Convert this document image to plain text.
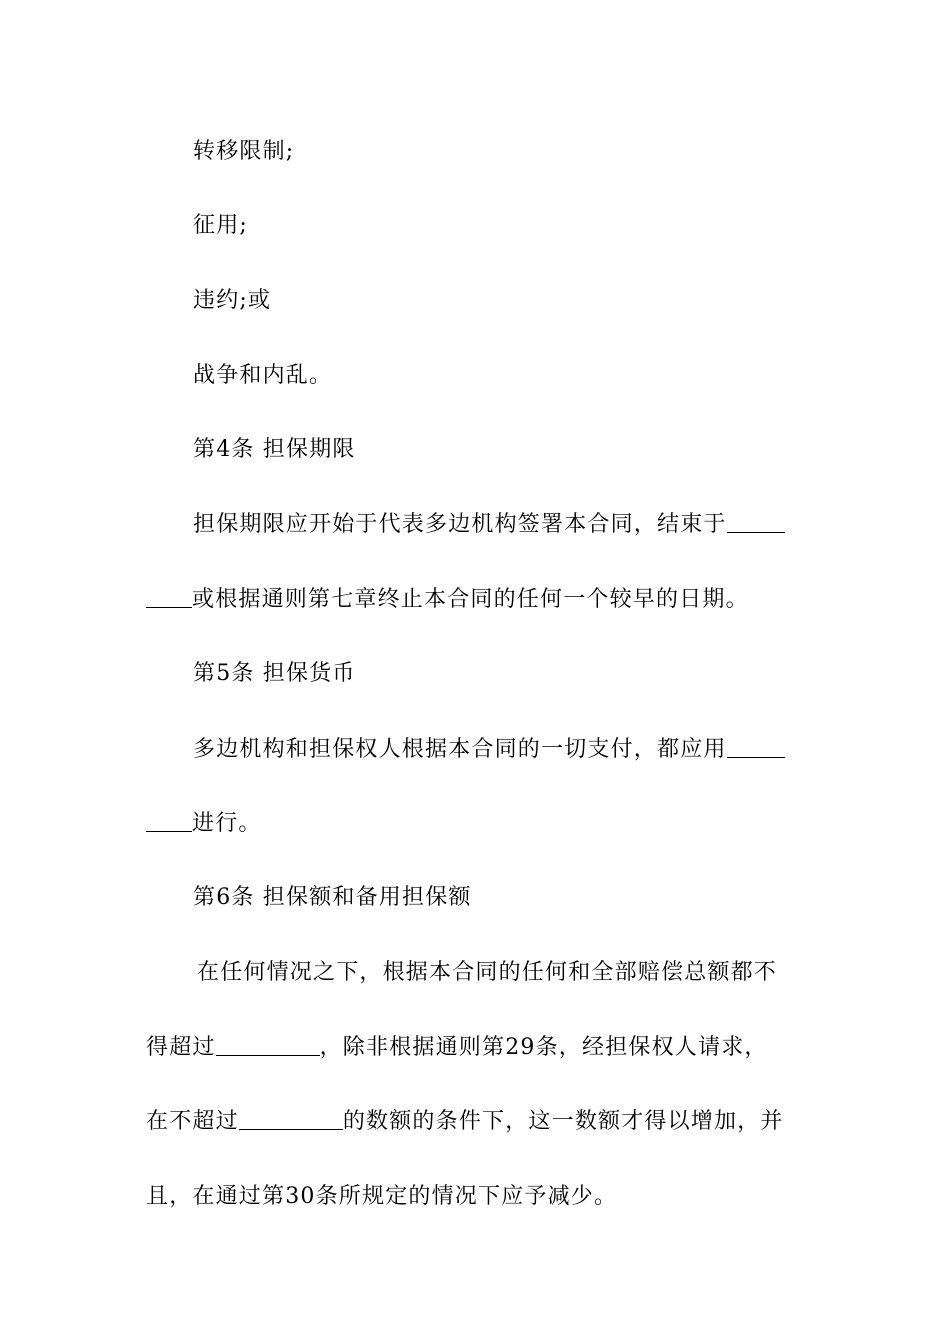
转移限制;
征用;
违约;或
战争和内乱。
第4条 担保期限
担保期限应开始于代表多边机构签署本合同，结束于
或根据通则第七章终止本合同的任何一个较早的日期。
第5条 担保货币
多边机构和担保权人根据本合同的一切支付，都应用
进行。
第6条 担保额和备用担保额
在任何情况之下，根据本合同的任何和全部赔偿总额都不
得超过	，除非根据通则第29条，经担保权人请求，
在不超过	的数额的条件下，这一数额才得以增加，并
且，在通过第30条所规定的情况下应予减少。
